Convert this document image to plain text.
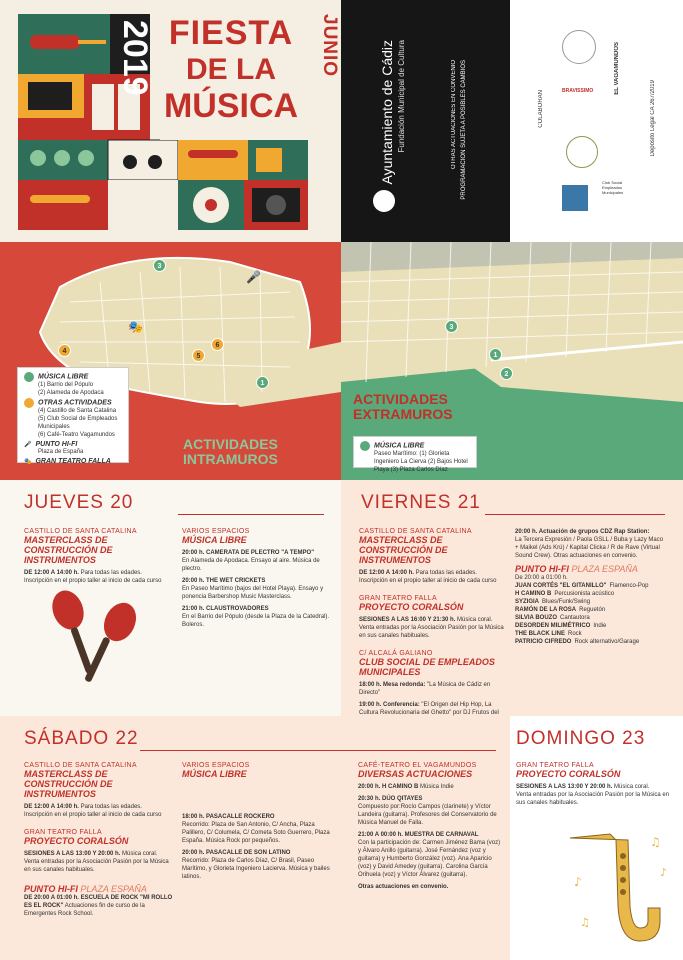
2019 FIESTA
DE LA
MÚSICA
JUNIO	Ayuntamiento de Cádiz Fundación Municipal de Cultura	OTRAS ACTUACIONES EN CONVENIO PROGRAMACIÓN SUJETA A POSIBLES CAMBIOS	COLABORAN	Depósito Legal CA 267/2019
EL VAGAMUNDOS
BRAVISSIMO
Club Social Empleados Municipales
1
3
4
5
6
🎤
🎭
MÚSICA LIBRE
(1) Barrio del Pópulo
(2) Alameda de Apodaca
OTRAS ACTIVIDADES
(4) Castillo de Santa Catalina
(5) Club Social de Empleados Municipales
(6) Café-Teatro Vagamundos
🎤 PUNTO HI-FI
Plaza de España
🎭 GRAN TEATRO FALLA
ACTIVIDADES
INTRAMUROS
1
2
3
ACTIVIDADES
EXTRAMUROS
MÚSICA LIBRE
Paseo Marítimo: (1) Glorieta Ingeniero La Cierva (2) Bajos Hotel Playa (3) Plaza Carlos Díaz
JUEVES 20
CASTILLO DE SANTA CATALINA
MASTERCLASS DE CONSTRUCCIÓN DE INSTRUMENTOS
DE 12:00 A 14:00 h. Para todas las edades.
Inscripción en el propio taller al inicio de cada curso
VARIOS ESPACIOS
MÚSICA LIBRE

20:00 h. CAMERATA DE PLECTRO "A TEMPO"

En Alameda de Apodaca. Ensayo al aire. Música de plectro.

20:00 h. THE WET CRICKETS

En Paseo Marítimo (bajos del Hotel Playa). Ensayo y ponencia Barbershop Music Masterclass.

21:00 h. CLAUSTROVADORES

En el Barrio del Pópulo (desde la Plaza de la Catedral). Boleros.

VIERNES 21
CASTILLO DE SANTA CATALINA
MASTERCLASS DE CONSTRUCCIÓN DE INSTRUMENTOS
DE 12:00 A 14:00 h. Para todas las edades.
Inscripción en el propio taller al inicio de cada curso
GRAN TEATRO FALLA
PROYECTO CORALSÓN
SESIONES A LAS 16:00 Y 21:30 h. Música coral.
Venta entradas por la Asociación Pasión por la Música en sus canales habituales.
C/ ALCALÁ GALIANO
CLUB SOCIAL DE EMPLEADOS MUNICIPALES
18:00 h. Mesa redonda: "La Música de Cádiz en Directo"
19:00 h. Conferencia: "El Origen del Hip Hop, La Cultura Revolucionaria del Ghetto" por DJ Frutos del
20:00 h. Actuación de grupos CDZ Rap Station:
La Tercera Expresión / Paola GSLL / Buba y Lazy Maco + Maikel (Ads Krú) / Kapital Clicka / R de Rave (Virtual Sound Crew). Otras actuaciones en convenio.
PUNTO HI-FI PLAZA ESPAÑA
De 20:00 a 01:00 h.
JUAN CORTÉS "EL GITANILLO" Flamenco-Pop
H CAMINO B Percusionista acústico
SYZIGIA Blues/Funk/Swing
RAMÓN DE LA ROSA Reguetón
SILVIA BOUZO Cantautora
DESORDEN MILIMÉTRICO Indie
THE BLACK LINE Rock
PATRICIO CIFREDO Rock alternativo/Garage
SÁBADO 22
CASTILLO DE SANTA CATALINA
MASTERCLASS DE CONSTRUCCIÓN DE INSTRUMENTOS
DE 12:00 A 14:00 h. Para todas las edades.
Inscripción en el propio taller al inicio de cada curso
GRAN TEATRO FALLA
PROYECTO CORALSÓN
SESIONES A LAS 13:00 Y 20:00 h. Música coral.
Venta entradas por la Asociación Pasión por la Música en sus canales habituales.
PUNTO HI-FI PLAZA ESPAÑA
DE 20:00 A 01:00 h. ESCUELA DE ROCK "MI ROLLO ES EL ROCK" Actuaciones fin de curso de la Emergentes Rock School.
VARIOS ESPACIOS
MÚSICA LIBRE

18:00 h. PASACALLE ROCKERO

Recorrido: Plaza de San Antonio, C/ Ancha, Plaza Palillero, C/ Columela, C/ Cometa Soto Guerrero, Plaza España. Música Rock por pequeños.

20:00 h. PASACALLE DE SON LATINO

Recorrido: Plaza de Carlos Díaz, C/ Brasil, Paseo Marítimo, y Glorieta Ingeniero Lacierva. Música y bailes latinos.

CAFÉ-TEATRO EL VAGAMUNDOS
DIVERSAS ACTUACIONES

20:00 h. H CAMINO B Música Indie

20:30 h. DÚO QITAYES

Compuesto por:Rocío Campos (clarinete) y Víctor Landeira (guitarra). Profesores del Conservatorio de Música Manuel de Falla.

21:00 A 00:00 h. MUESTRA DE CARNAVAL

Con la participación de: Carmen Jiménez Bama (voz) y Álvaro Anillo (guitarra). José Fernández (voz y guitarra) y Humberto González (voz). Ana Aparicio (voz) y David Amedey (guitarra). Carolina García Orihuela (voz) y Víctor Álvarez (guitarra).

Otras actuaciones en convenio.

DOMINGO 23
GRAN TEATRO FALLA
PROYECTO CORALSÓN
SESIONES A LAS 13:00 Y 20:00 h. Música coral.
Venta entradas por la Asociación Pasión por la Música en sus canales habituales.
♪
♫
♪
♫
